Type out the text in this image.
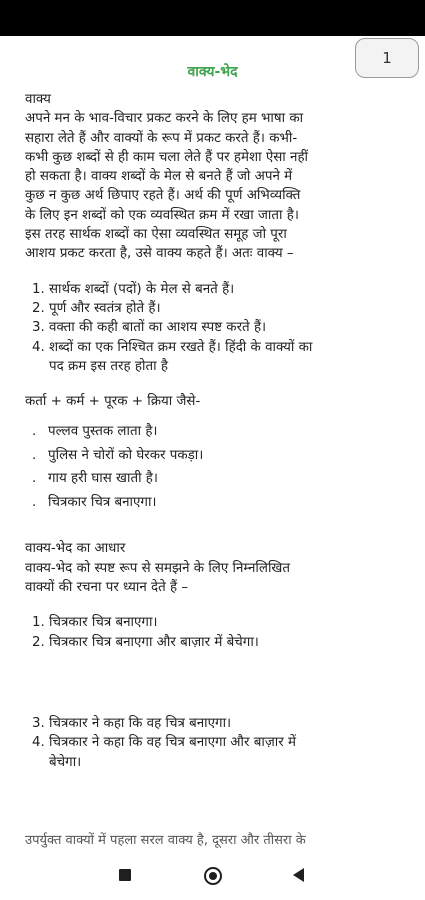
1
वाक्य-भेद

वाक्य

अपने मन के भाव-विचार प्रकट करने के लिए हम भाषा का
सहारा लेते हैं और वाक्यों के रूप में प्रकट करते हैं। कभी-
कभी कुछ शब्दों से ही काम चला लेते हैं पर हमेशा ऐसा नहीं
हो सकता है। वाक्य शब्दों के मेल से बनते हैं जो अपने में
कुछ न कुछ अर्थ छिपाए रहते हैं। अर्थ की पूर्ण अभिव्यक्ति
के लिए इन शब्दों को एक व्यवस्थित क्रम में रखा जाता है।
इस तरह सार्थक शब्दों का ऐसा व्यवस्थित समूह जो पूरा
आशय प्रकट करता है, उसे वाक्य कहते हैं। अतः वाक्य –

1. सार्थक शब्दों (पदों) के मेल से बनते हैं।
2. पूर्ण और स्वतंत्र होते हैं।
3. वक्ता की कही बातों का आशय स्पष्ट करते हैं।
4. शब्दों का एक निश्चित क्रम रखते हैं। हिंदी के वाक्यों का
पद क्रम इस तरह होता है

कर्ता + कर्म + पूरक + क्रिया जैसे-

. पल्लव पुस्तक लाता है।
. पुलिस ने चोरों को घेरकर पकड़ा।
. गाय हरी घास खाती है।
. चित्रकार चित्र बनाएगा।

वाक्य-भेद का आधार

वाक्य-भेद को स्पष्ट रूप से समझने के लिए निम्नलिखित
वाक्यों की रचना पर ध्यान देते हैं –

1. चित्रकार चित्र बनाएगा।
2. चित्रकार चित्र बनाएगा और बाज़ार में बेचेगा।
3. चित्रकार ने कहा कि वह चित्र बनाएगा।
4. चित्रकार ने कहा कि वह चित्र बनाएगा और बाज़ार में
बेचेगा।
उपर्युक्त वाक्यों में पहला सरल वाक्य है, दूसरा और तीसरा के
